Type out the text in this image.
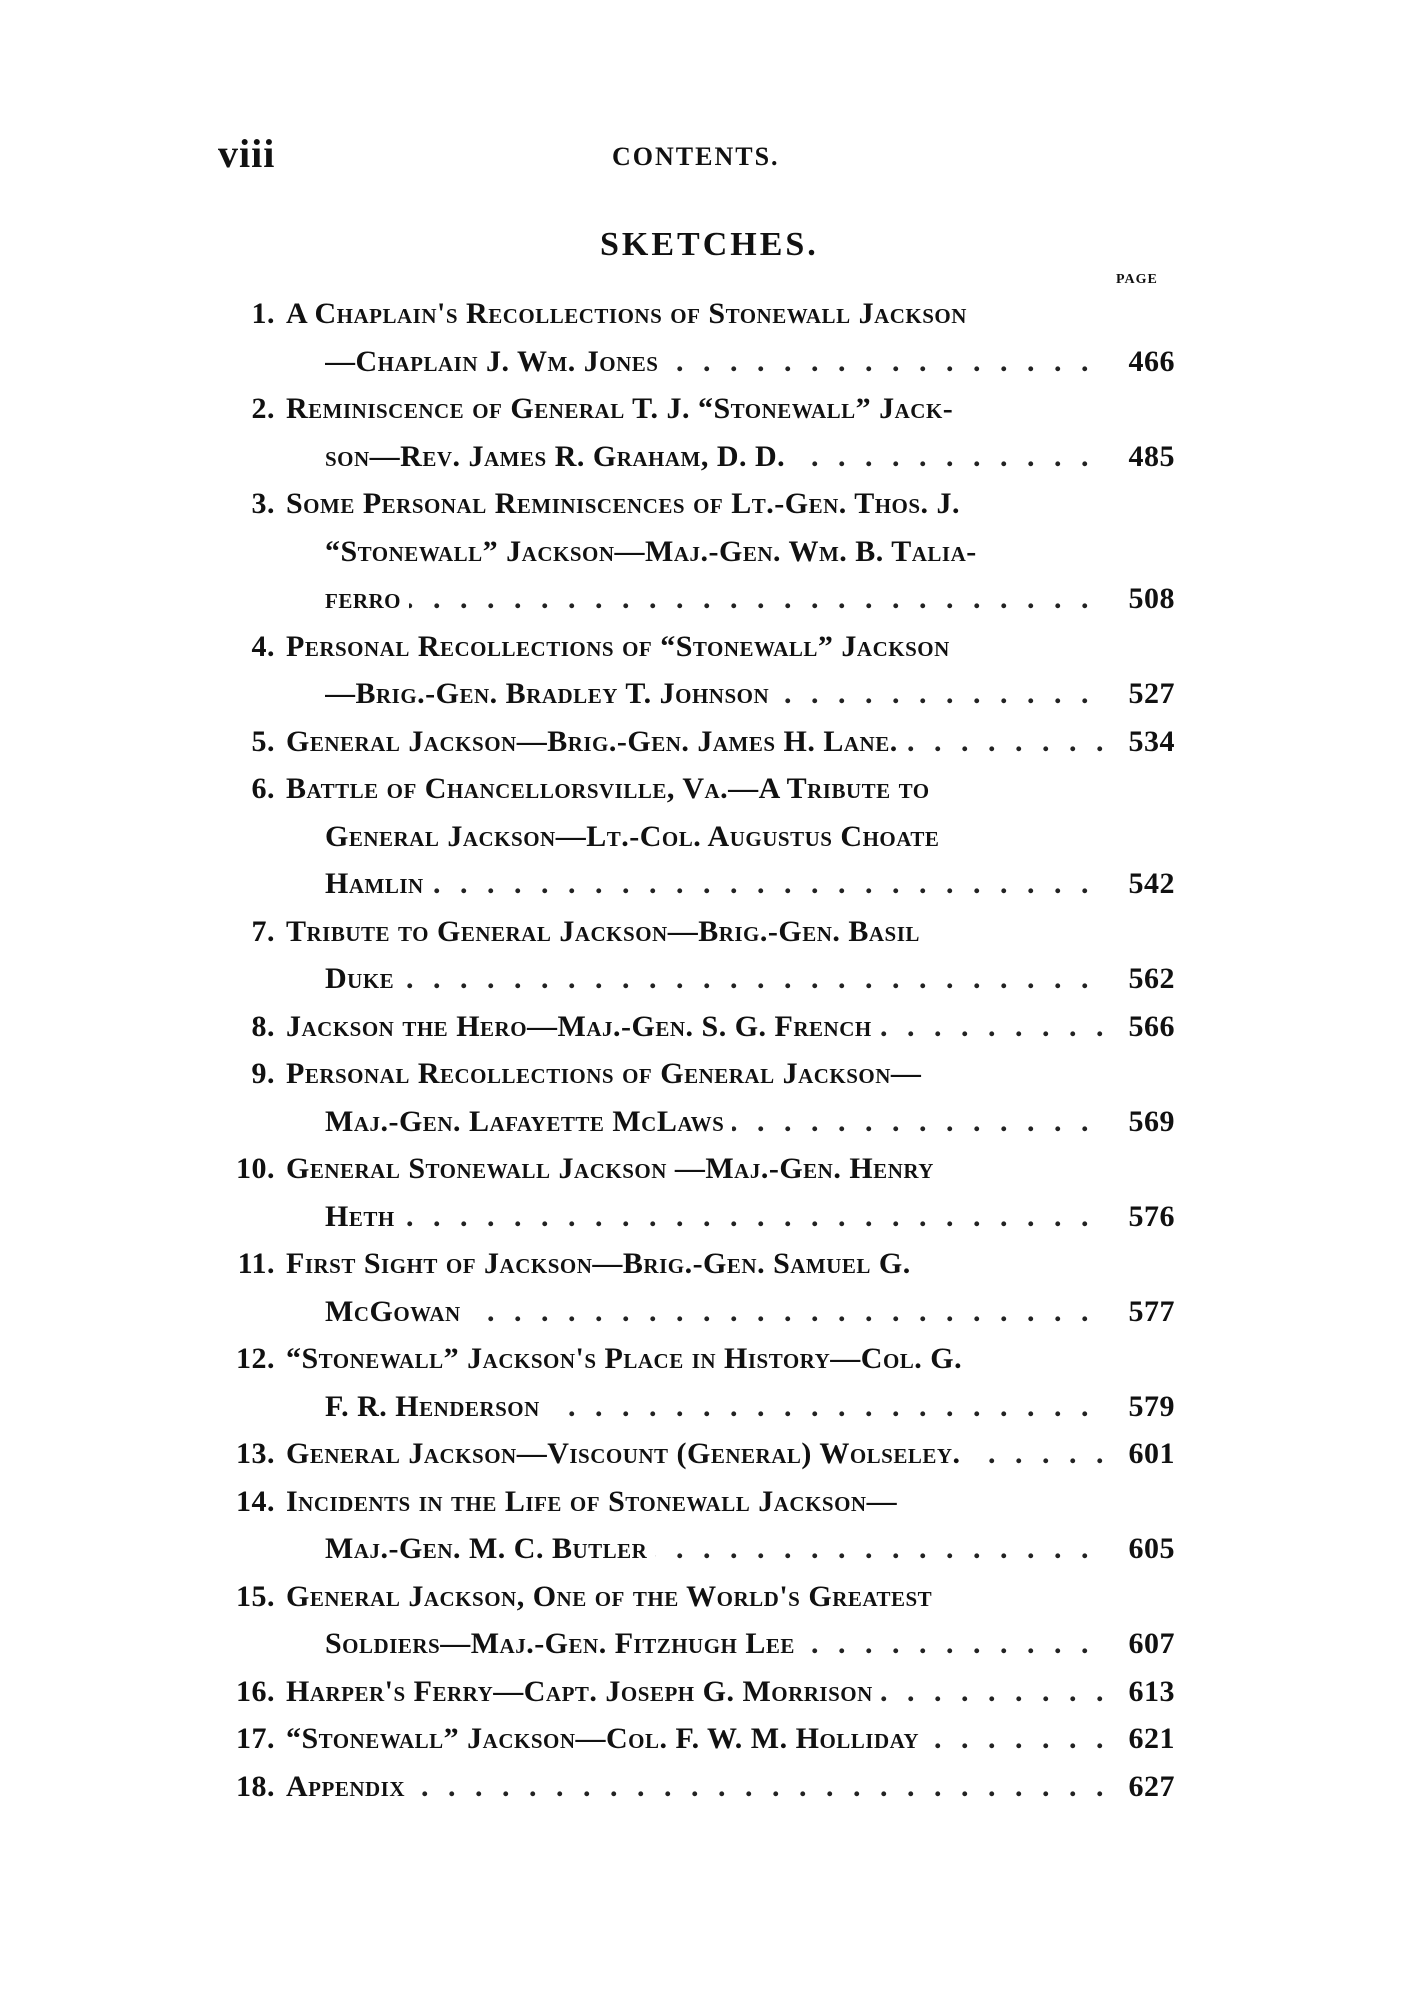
viii	CONTENTS.
SKETCHES.
PAGE
1. A Chaplain's Recollections of Stonewall Jackson
—Chaplain J. Wm. Jones . . .	466
2. Reminiscence of General T. J. “Stonewall” Jack-
son—Rev. James R. Graham, D. D. . . .	485
3. Some Personal Reminiscences of Lt.-Gen. Thos. J.
“Stonewall” Jackson—Maj.-Gen. Wm. B. Talia-
ferro . . .	508
4. Personal Recollections of “Stonewall” Jackson
—Brig.-Gen. Bradley T. Johnson . . .	527
5. General Jackson—Brig.-Gen. James H. Lane. . . .	534
6. Battle of Chancellorsville, Va.—A Tribute to
General Jackson—Lt.-Col. Augustus Choate
Hamlin . . .	542
7. Tribute to General Jackson—Brig.-Gen. Basil
Duke . . .	562
8. Jackson the Hero—Maj.-Gen. S. G. French . . .	566
9. Personal Recollections of General Jackson—
Maj.-Gen. Lafayette McLaws . . .	569
10. General Stonewall Jackson —Maj.-Gen. Henry
Heth . . .	576
11. First Sight of Jackson—Brig.-Gen. Samuel G.
McGowan . . .	577
12. “Stonewall” Jackson's Place in History—Col. G.
F. R. Henderson . . .	579
13. General Jackson—Viscount (General) Wolseley. . . .	601
14. Incidents in the Life of Stonewall Jackson—
Maj.-Gen. M. C. Butler . . .	605
15. General Jackson, One of the World's Greatest
Soldiers—Maj.-Gen. Fitzhugh Lee . . .	607
16. Harper's Ferry—Capt. Joseph G. Morrison . . .	613
17. “Stonewall” Jackson—Col. F. W. M. Holliday . . .	621
18. Appendix . . .	627
